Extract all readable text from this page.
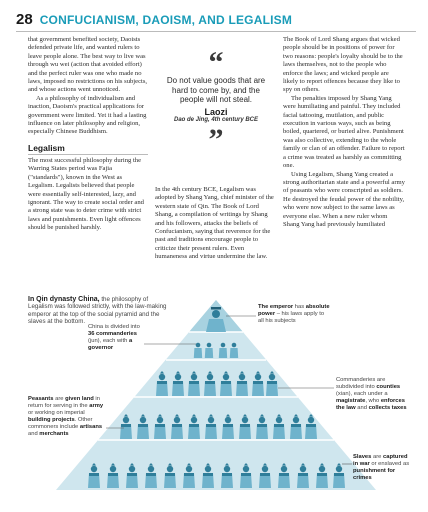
28 CONFUCIANISM, DAOISM, AND LEGALISM

that government benefited society, Daoists defended private life, and wanted rulers to leave people alone. The best way to live was through wu wei (action that avoided effort) and the perfect ruler was one who made no laws, imposed no restrictions on his subjects, and whose actions went unnoticed.

As a philosophy of individualism and inaction, Daoism's practical applications for government were limited. Yet it had a lasting influence on later philosophy and religion, especially Chinese Buddhism.

Legalism

The most successful philosophy during the Warring States period was Fajia ("standards"), known in the West as Legalism. Legalists believed that people were essentially self-interested, lazy, and ignorant. The way to create social order and a strong state was to deter crime with strict laws and punishments. Even light offences should be punished harshly.

“
Do not value goods that are hard to come by, and the people will not steal.
Laozi
Dao de Jing, 4th century BCE
”

In the 4th century BCE, Legalism was adopted by Shang Yang, chief minister of the western state of Qin. The Book of Lord Shang, a compilation of writings by Shang and his followers, attacks the beliefs of Confucianism, saying that reverence for the past and traditions encourage people to criticize their present rulers. Even humaneness and virtue undermine the law.

The Book of Lord Shang argues that wicked people should be in positions of power for two reasons: people's loyalty should be to the laws themselves, not to the people who enforce the laws; and wicked people are likely to report offences because they like to spy on others.

The penalties imposed by Shang Yang were humiliating and painful. They included facial tattooing, mutilation, and public execution in various ways, such as being boiled, quartered, or buried alive. Punishment was also collective, extending to the whole family or clan of an offender. Failure to report a crime was treated as harshly as committing one.

Using Legalism, Shang Yang created a strong authoritarian state and a powerful army of peasants who were conscripted as soldiers. He destroyed the feudal power of the nobility, who were now subject to the same laws as everyone else. When a new ruler whom Shang Yang had previously humiliated

In Qin dynasty China, the philosophy of Legalism was followed strictly, with the law-making emperor at the top of the social pyramid and the slaves at the bottom.
The emperor has absolute power – his laws apply to all his subjects
China is divided into 36 commanderies (jun), each with a governor
Commanderies are subdivided into counties (xian), each under a magistrate, who enforces the law and collects taxes
Peasants are given land in return for serving in the army or working on imperial building projects. Other commoners include artisans and merchants
Slaves are captured in war or enslaved as punishment for crimes
